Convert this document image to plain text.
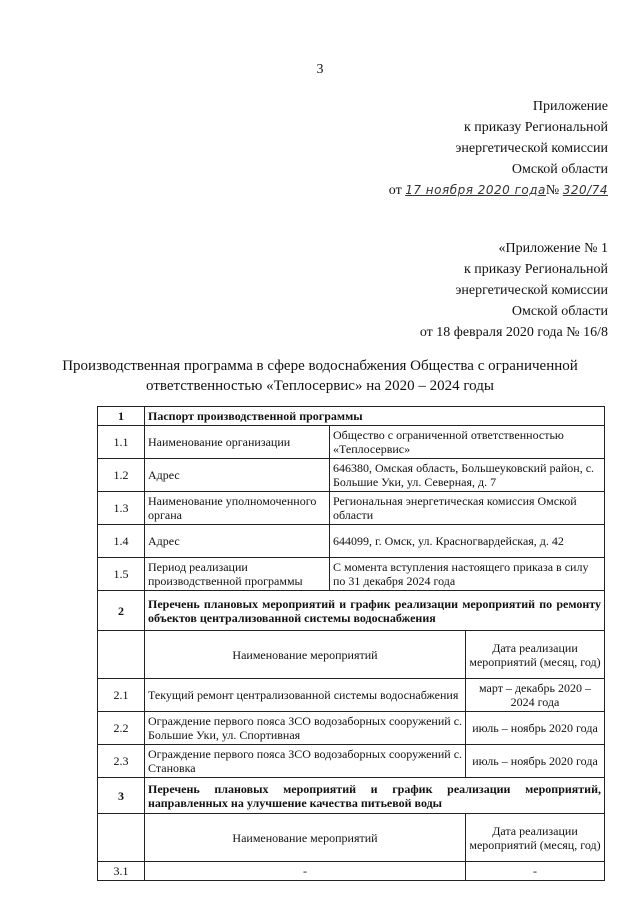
3
Приложение
к приказу Региональной
энергетической комиссии
Омской области
от 17 ноября 2020 года№ 320/74
«Приложение № 1
к приказу Региональной
энергетической комиссии
Омской области
от 18 февраля 2020 года № 16/8
Производственная программа в сфере водоснабжения Общества с ограниченной ответственностью «Теплосервис» на 2020 – 2024 годы
1	Паспорт производственной программы		
1.1	Наименование организации	Общество с ограниченной ответственностью «Теплосервис»	
1.2	Адрес	646380, Омская область, Большеуковский район, с. Большие Уки, ул. Северная, д. 7	
1.3	Наименование уполномоченного органа	Региональная энергетическая комиссия Омской области	
1.4	Адрес	644099, г. Омск, ул. Красногвардейская, д. 42	
1.5	Период реализации производственной программы	С момента вступления настоящего приказа в силу по 31 декабря 2024 года	
2	Перечень плановых мероприятий и график реализации мероприятий по ремонту объектов централизованной системы водоснабжения		
	Наименование мероприятий		Дата реализации мероприятий (месяц, год)
2.1	Текущий ремонт централизованной системы водоснабжения		март – декабрь 2020 – 2024 года
2.2	Ограждение первого пояса ЗСО водозаборных сооружений с. Большие Уки, ул. Спортивная		июль – ноябрь 2020 года
2.3	Ограждение первого пояса ЗСО водозаборных сооружений с. Становка		июль – ноябрь 2020 года
3	Перечень плановых мероприятий и график реализации мероприятий, направленных на улучшение качества питьевой воды		
	Наименование мероприятий		Дата реализации мероприятий (месяц, год)
3.1	-		-
